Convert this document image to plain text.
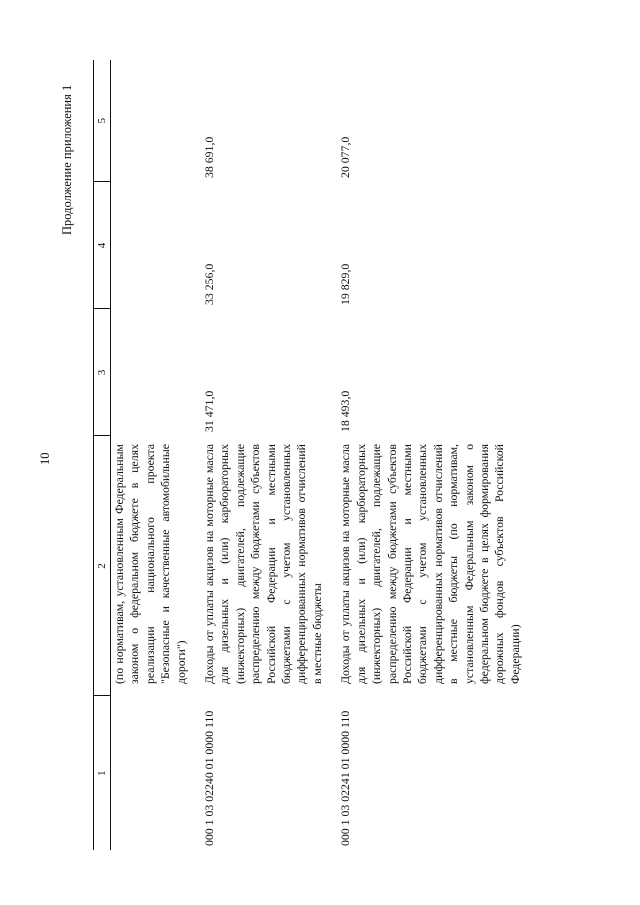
10
Продолжение приложения 1
1	2	3	4	5
	(по нормативам, установленным Федеральным законом о федеральном бюджете в целях реализации национального проекта "Безопасные и качественные автомобильные дороги")			
000 1 03 02240 01 0000 110	Доходы от уплаты акцизов на моторные масла для дизельных и (или) карбюраторных (инжекторных) двигателей, подлежащие распределению между бюджетами субъектов Российской Федерации и местными бюджетами с учетом установленных дифференцированных нормативов отчислений в местные бюджеты	31 471,0	33 256,0	38 691,0
000 1 03 02241 01 0000 110	Доходы от уплаты акцизов на моторные масла для дизельных и (или) карбюраторных (инжекторных) двигателей, подлежащие распределению между бюджетами субъектов Российской Федерации и местными бюджетами с учетом установленных дифференцированных нормативов отчислений в местные бюджеты (по нормативам, установленным Федеральным законом о федеральном бюджете в целях формирования дорожных фондов субъектов Российской Федерации)	18 493,0	19 829,0	20 077,0
